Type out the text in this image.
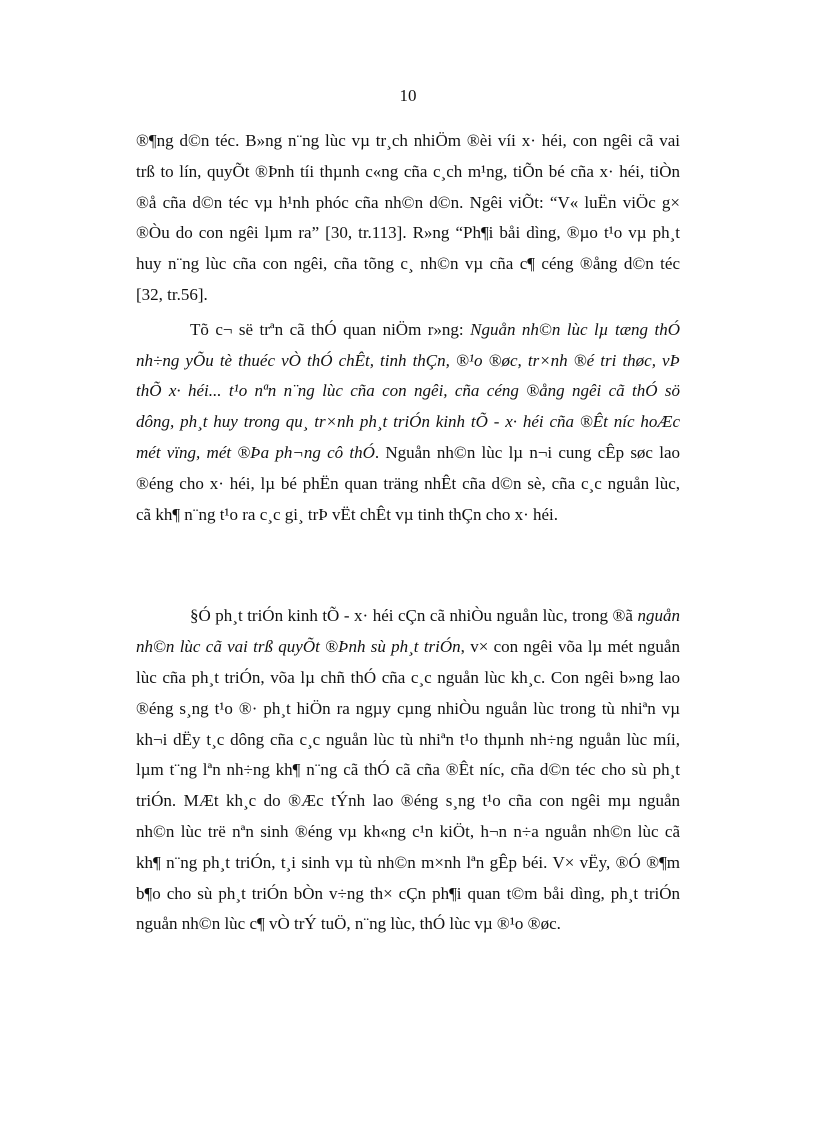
10
®¶ng d©n téc. B»ng n¨ng lùc vµ tr¸ch nhiÖm ®èi víi x· héi, con ngêi cã vai
trß to lín, quyÕt ®Þnh tíi thµnh c«ng cña c¸ch m¹ng, tiÕn bé cña x· héi, tiÒn
®å cña d©n téc vµ h¹nh phóc cña nh©n d©n. Ngêi viÕt: “V« luËn viÖc g×
®Òu do con ngêi lµm ra” [30, tr.113]. R»ng “Ph¶i båi dìng, ®µo t¹o vµ ph¸t
huy n¨ng lùc cña con ngêi, cña tõng c¸ nh©n vµ cña c¶ céng ®ång d©n téc
[32, tr.56].
Tõ c¬ së trªn cã thÓ quan niÖm r»ng: Nguån nh©n lùc lµ tæng thÓ
nh÷ng yÕu tè thuéc vÒ thÓ chÊt, tinh thÇn, ®¹o ®øc, tr×nh ®é tri thøc, vÞ
thÕ x· héi... t¹o nªn n¨ng lùc cña con ngêi, cña céng ®ång ngêi cã thÓ sö
dông, ph¸t huy trong qu¸ tr×nh ph¸t triÓn kinh tÕ - x· héi cña ®Êt níc hoÆc
mét vïng, mét ®Þa ph¬ng cô thÓ. Nguån nh©n lùc lµ n¬i cung cÊp søc lao
®éng cho x· héi, lµ bé phËn quan träng nhÊt cña d©n sè, cña c¸c nguån lùc,
cã kh¶ n¨ng t¹o ra c¸c gi¸ trÞ vËt chÊt vµ tinh thÇn cho x· héi.
§Ó ph¸t triÓn kinh tÕ - x· héi cÇn cã nhiÒu nguån lùc, trong ®ã nguån
nh©n lùc cã vai trß quyÕt ®Þnh sù ph¸t triÓn, v× con ngêi võa lµ mét nguån
lùc cña ph¸t triÓn, võa lµ chñ thÓ cña c¸c nguån lùc kh¸c. Con ngêi b»ng lao
®éng s¸ng t¹o ®· ph¸t hiÖn ra ngµy cµng nhiÒu nguån lùc trong tù nhiªn vµ
kh¬i dËy t¸c dông cña c¸c nguån lùc tù nhiªn t¹o thµnh nh÷ng nguån lùc míi,
lµm t¨ng lªn nh÷ng kh¶ n¨ng cã thÓ cã cña ®Êt níc, cña d©n téc cho sù ph¸t
triÓn. MÆt kh¸c do ®Æc tÝnh lao ®éng s¸ng t¹o cña con ngêi mµ nguån
nh©n lùc trë nªn sinh ®éng vµ kh«ng c¹n kiÖt, h¬n n÷a nguån nh©n lùc cã
kh¶ n¨ng ph¸t triÓn, t¸i sinh vµ tù nh©n m×nh lªn gÊp béi. V× vËy, ®Ó ®¶m
b¶o cho sù ph¸t triÓn bÒn v÷ng th× cÇn ph¶i quan t©m båi dìng, ph¸t triÓn
nguån nh©n lùc c¶ vÒ trÝ tuÖ, n¨ng lùc, thÓ lùc vµ ®¹o ®øc.
